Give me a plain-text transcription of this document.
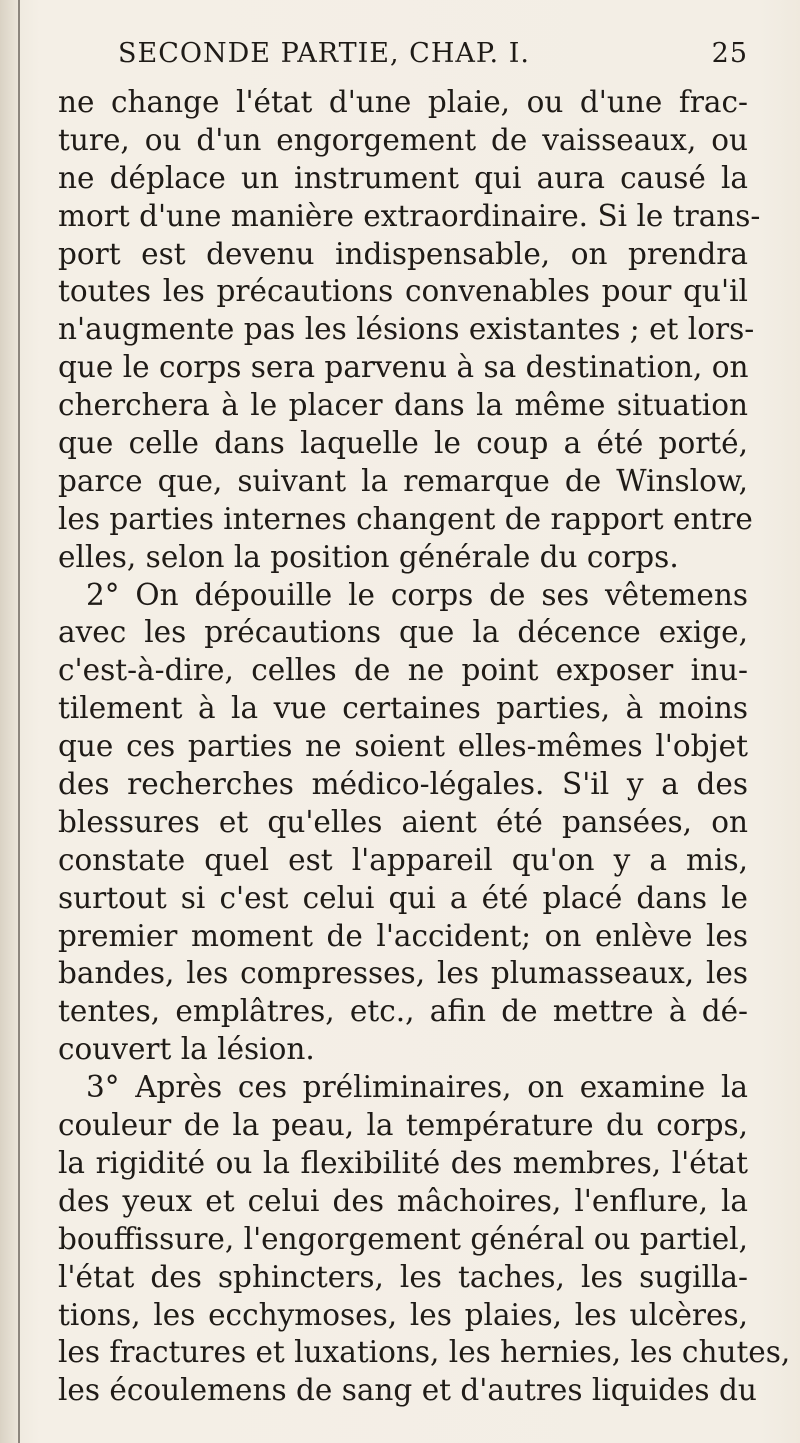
SECONDE PARTIE, CHAP. I.	25
ne change l'état d'une plaie, ou d'une frac-
ture, ou d'un engorgement de vaisseaux, ou
ne déplace un instrument qui aura causé la
mort d'une manière extraordinaire. Si le trans-
port est devenu indispensable, on prendra
toutes les précautions convenables pour qu'il
n'augmente pas les lésions existantes ; et lors-
que le corps sera parvenu à sa destination, on
cherchera à le placer dans la même situation
que celle dans laquelle le coup a été porté,
parce que, suivant la remarque de Winslow,
les parties internes changent de rapport entre
elles, selon la position générale du corps.
2° On dépouille le corps de ses vêtemens
avec les précautions que la décence exige,
c'est-à-dire, celles de ne point exposer inu-
tilement à la vue certaines parties, à moins
que ces parties ne soient elles-mêmes l'objet
des recherches médico-légales. S'il y a des
blessures et qu'elles aient été pansées, on
constate quel est l'appareil qu'on y a mis,
surtout si c'est celui qui a été placé dans le
premier moment de l'accident; on enlève les
bandes, les compresses, les plumasseaux, les
tentes, emplâtres, etc., afin de mettre à dé-
couvert la lésion.
3° Après ces préliminaires, on examine la
couleur de la peau, la température du corps,
la rigidité ou la flexibilité des membres, l'état
des yeux et celui des mâchoires, l'enflure, la
bouffissure, l'engorgement général ou partiel,
l'état des sphincters, les taches, les sugilla-
tions, les ecchymoses, les plaies, les ulcères,
les fractures et luxations, les hernies, les chutes,
les écoulemens de sang et d'autres liquides du
